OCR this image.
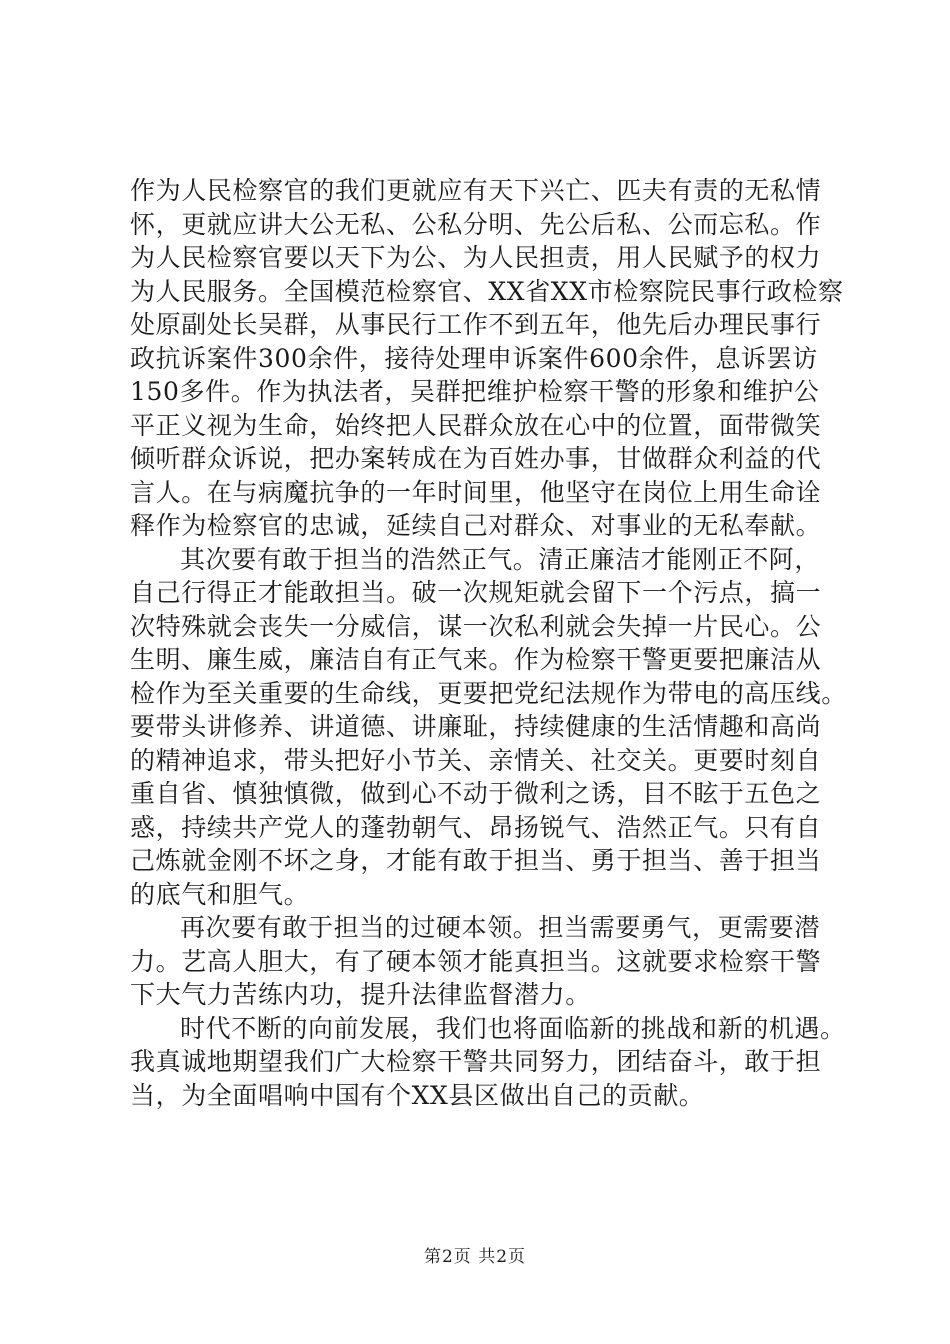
作为人民检察官的我们更就应有天下兴亡、匹夫有责的无私情
怀，更就应讲大公无私、公私分明、先公后私、公而忘私。作
为人民检察官要以天下为公、为人民担责，用人民赋予的权力
为人民服务。全国模范检察官、XX省XX市检察院民事行政检察
处原副处长吴群，从事民行工作不到五年，他先后办理民事行
政抗诉案件300余件，接待处理申诉案件600余件，息诉罢访
150多件。作为执法者，吴群把维护检察干警的形象和维护公
平正义视为生命，始终把人民群众放在心中的位置，面带微笑
倾听群众诉说，把办案转成在为百姓办事，甘做群众利益的代
言人。在与病魔抗争的一年时间里，他坚守在岗位上用生命诠
释作为检察官的忠诚，延续自己对群众、对事业的无私奉献。
其次要有敢于担当的浩然正气。清正廉洁才能刚正不阿，
自己行得正才能敢担当。破一次规矩就会留下一个污点，搞一
次特殊就会丧失一分威信，谋一次私利就会失掉一片民心。公
生明、廉生威，廉洁自有正气来。作为检察干警更要把廉洁从
检作为至关重要的生命线，更要把党纪法规作为带电的高压线。
要带头讲修养、讲道德、讲廉耻，持续健康的生活情趣和高尚
的精神追求，带头把好小节关、亲情关、社交关。更要时刻自
重自省、慎独慎微，做到心不动于微利之诱，目不眩于五色之
惑，持续共产党人的蓬勃朝气、昂扬锐气、浩然正气。只有自
己炼就金刚不坏之身，才能有敢于担当、勇于担当、善于担当
的底气和胆气。
再次要有敢于担当的过硬本领。担当需要勇气，更需要潜
力。艺高人胆大，有了硬本领才能真担当。这就要求检察干警
下大气力苦练内功，提升法律监督潜力。
时代不断的向前发展，我们也将面临新的挑战和新的机遇。
我真诚地期望我们广大检察干警共同努力，团结奋斗，敢于担
当，为全面唱响中国有个XX县区做出自己的贡献。
第2页 共2页
